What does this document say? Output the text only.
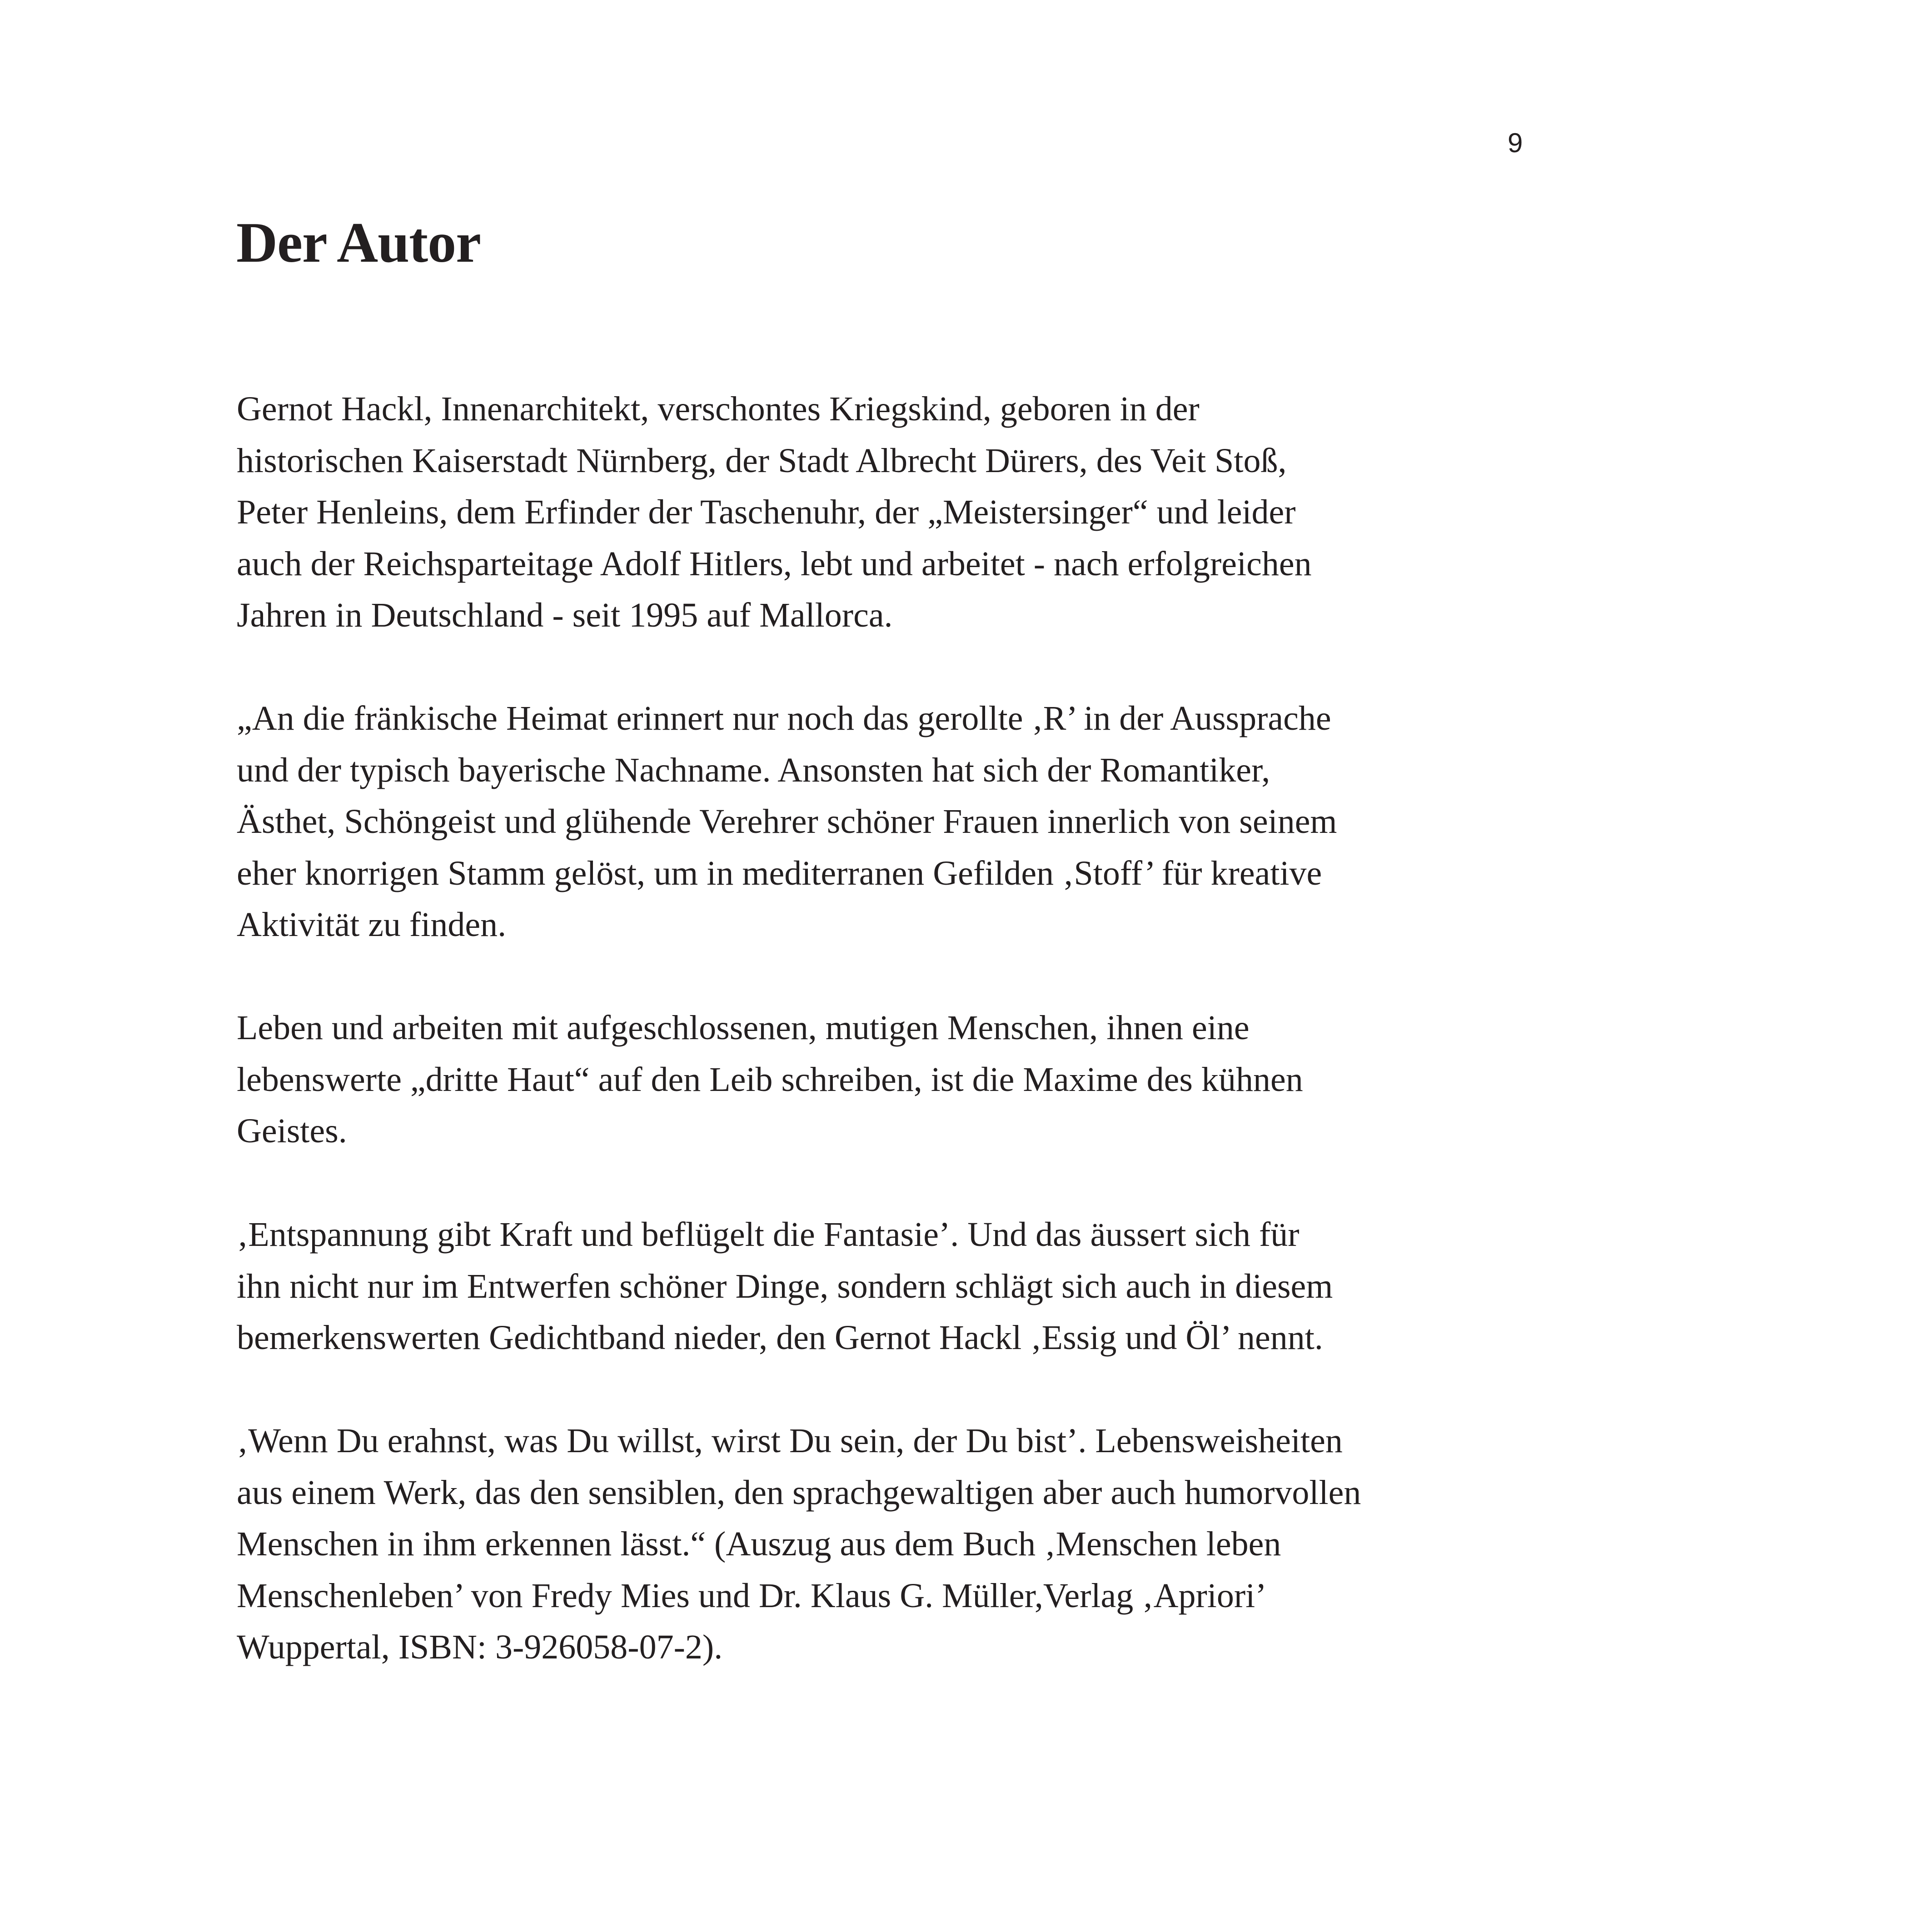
9
Der Autor
Gernot Hackl, Innenarchitekt, verschontes Kriegskind, geboren in der
historischen Kaiserstadt Nürnberg, der Stadt Albrecht Dürers, des Veit Stoß,
Peter Henleins, dem Erfinder der Taschenuhr, der „Meistersinger“ und leider
auch der Reichsparteitage Adolf Hitlers, lebt und arbeitet - nach erfolgreichen
Jahren in Deutschland - seit 1995 auf Mallorca.
„An die fränkische Heimat erinnert nur noch das gerollte ‚R’ in der Aussprache
und der typisch bayerische Nachname. Ansonsten hat sich der Romantiker,
Ästhet, Schöngeist und glühende Verehrer schöner Frauen innerlich von seinem
eher knorrigen Stamm gelöst, um in mediterranen Gefilden ‚Stoff’ für kreative
Aktivität zu finden.
Leben und arbeiten mit aufgeschlossenen, mutigen Menschen, ihnen eine
lebenswerte „dritte Haut“ auf den Leib schreiben, ist die Maxime des kühnen
Geistes.
‚Entspannung gibt Kraft und beflügelt die Fantasie’. Und das äussert sich für
ihn nicht nur im Entwerfen schöner Dinge, sondern schlägt sich auch in diesem
bemerkenswerten Gedichtband nieder, den Gernot Hackl ‚Essig und Öl’ nennt.
‚Wenn Du erahnst, was Du willst, wirst Du sein, der Du bist’. Lebensweisheiten
aus einem Werk, das den sensiblen, den sprachgewaltigen aber auch humorvollen
Menschen in ihm erkennen lässt.“ (Auszug aus dem Buch ‚Menschen leben
Menschenleben’ von Fredy Mies und Dr. Klaus G. Müller,Verlag ‚Apriori’
Wuppertal, ISBN: 3-926058-07-2).
